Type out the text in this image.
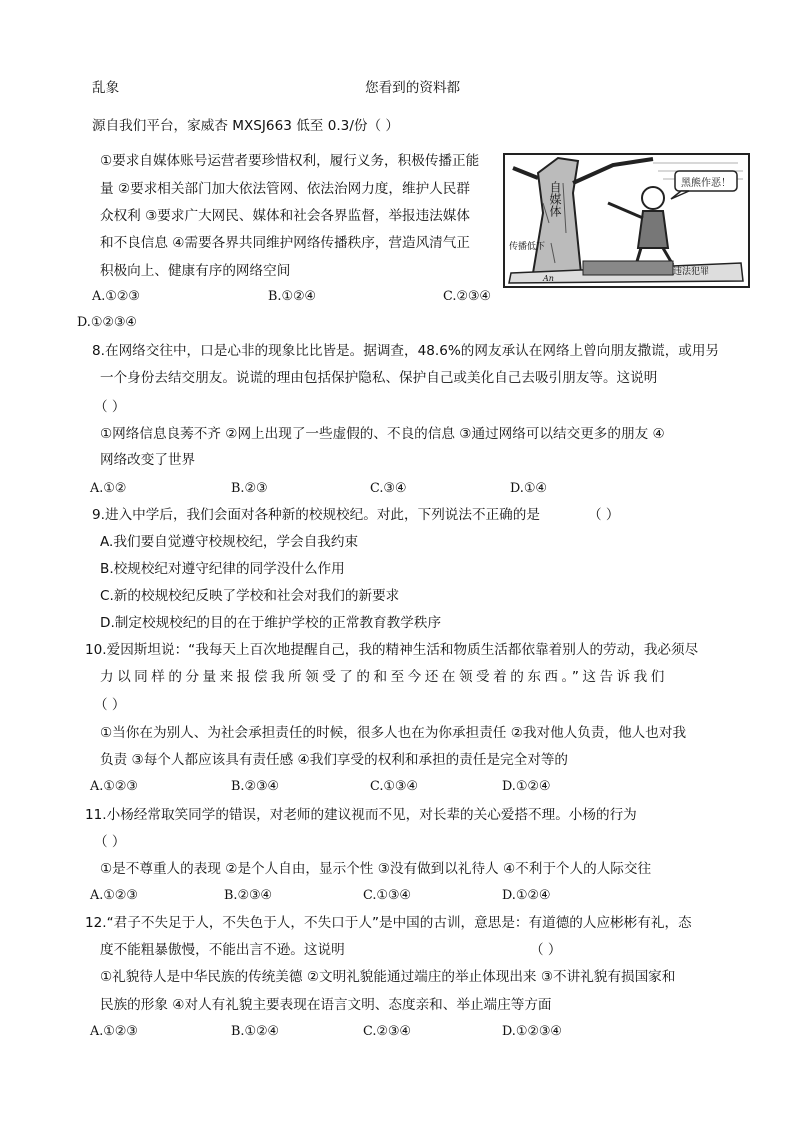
乱象	您看到的资料都
源自我们平台，家威杏 MXSJ663 低至 0.3/份（ ）
①要求自媒体账号运营者要珍惜权利，履行义务，积极传播正能
量 ②要求相关部门加大依法管网、依法治网力度，维护人民群
众权利 ③要求广大网民、媒体和社会各界监督，举报违法媒体
和不良信息 ④需要各界共同维护网络传播秩序，营造风清气正
积极向上、健康有序的网络空间
A.①②③	B.①②④	C.②③④
D.①②③④
自媒体	黑熊作恶！
传播低下
违法犯罪
An
8.在网络交往中，口是心非的现象比比皆是。据调查，48.6%的网友承认在网络上曾向朋友撒谎，或用另
一个身份去结交朋友。说谎的理由包括保护隐私、保护自己或美化自己去吸引朋友等。这说明
（ ）
①网络信息良莠不齐 ②网上出现了一些虚假的、不良的信息 ③通过网络可以结交更多的朋友 ④
网络改变了世界
A.①②	B.②③	C.③④	D.①④
9.进入中学后，我们会面对各种新的校规校纪。对此，下列说法不正确的是	（ ）
A.我们要自觉遵守校规校纪，学会自我约束
B.校规校纪对遵守纪律的同学没什么作用
C.新的校规校纪反映了学校和社会对我们的新要求
D.制定校规校纪的目的在于维护学校的正常教育教学秩序
10.爱因斯坦说：“我每天上百次地提醒自己，我的精神生活和物质生活都依靠着别人的劳动，我必须尽
力以同样的分量来报偿我所领受了的和至今还在领受着的东西。”这告诉我们
（ ）
①当你在为别人、为社会承担责任的时候，很多人也在为你承担责任 ②我对他人负责，他人也对我
负责 ③每个人都应该具有责任感 ④我们享受的权利和承担的责任是完全对等的
A.①②③	B.②③④	C.①③④	D.①②④
11.小杨经常取笑同学的错误，对老师的建议视而不见，对长辈的关心爱搭不理。小杨的行为
（ ）
①是不尊重人的表现 ②是个人自由，显示个性 ③没有做到以礼待人 ④不利于个人的人际交往
A.①②③	B.②③④	C.①③④	D.①②④
12.“君子不失足于人，不失色于人，不失口于人”是中国的古训，意思是：有道德的人应彬彬有礼，态
度不能粗暴傲慢，不能出言不逊。这说明	（ ）
①礼貌待人是中华民族的传统美德 ②文明礼貌能通过端庄的举止体现出来 ③不讲礼貌有损国家和
民族的形象 ④对人有礼貌主要表现在语言文明、态度亲和、举止端庄等方面
A.①②③	B.①②④	C.②③④	D.①②③④
